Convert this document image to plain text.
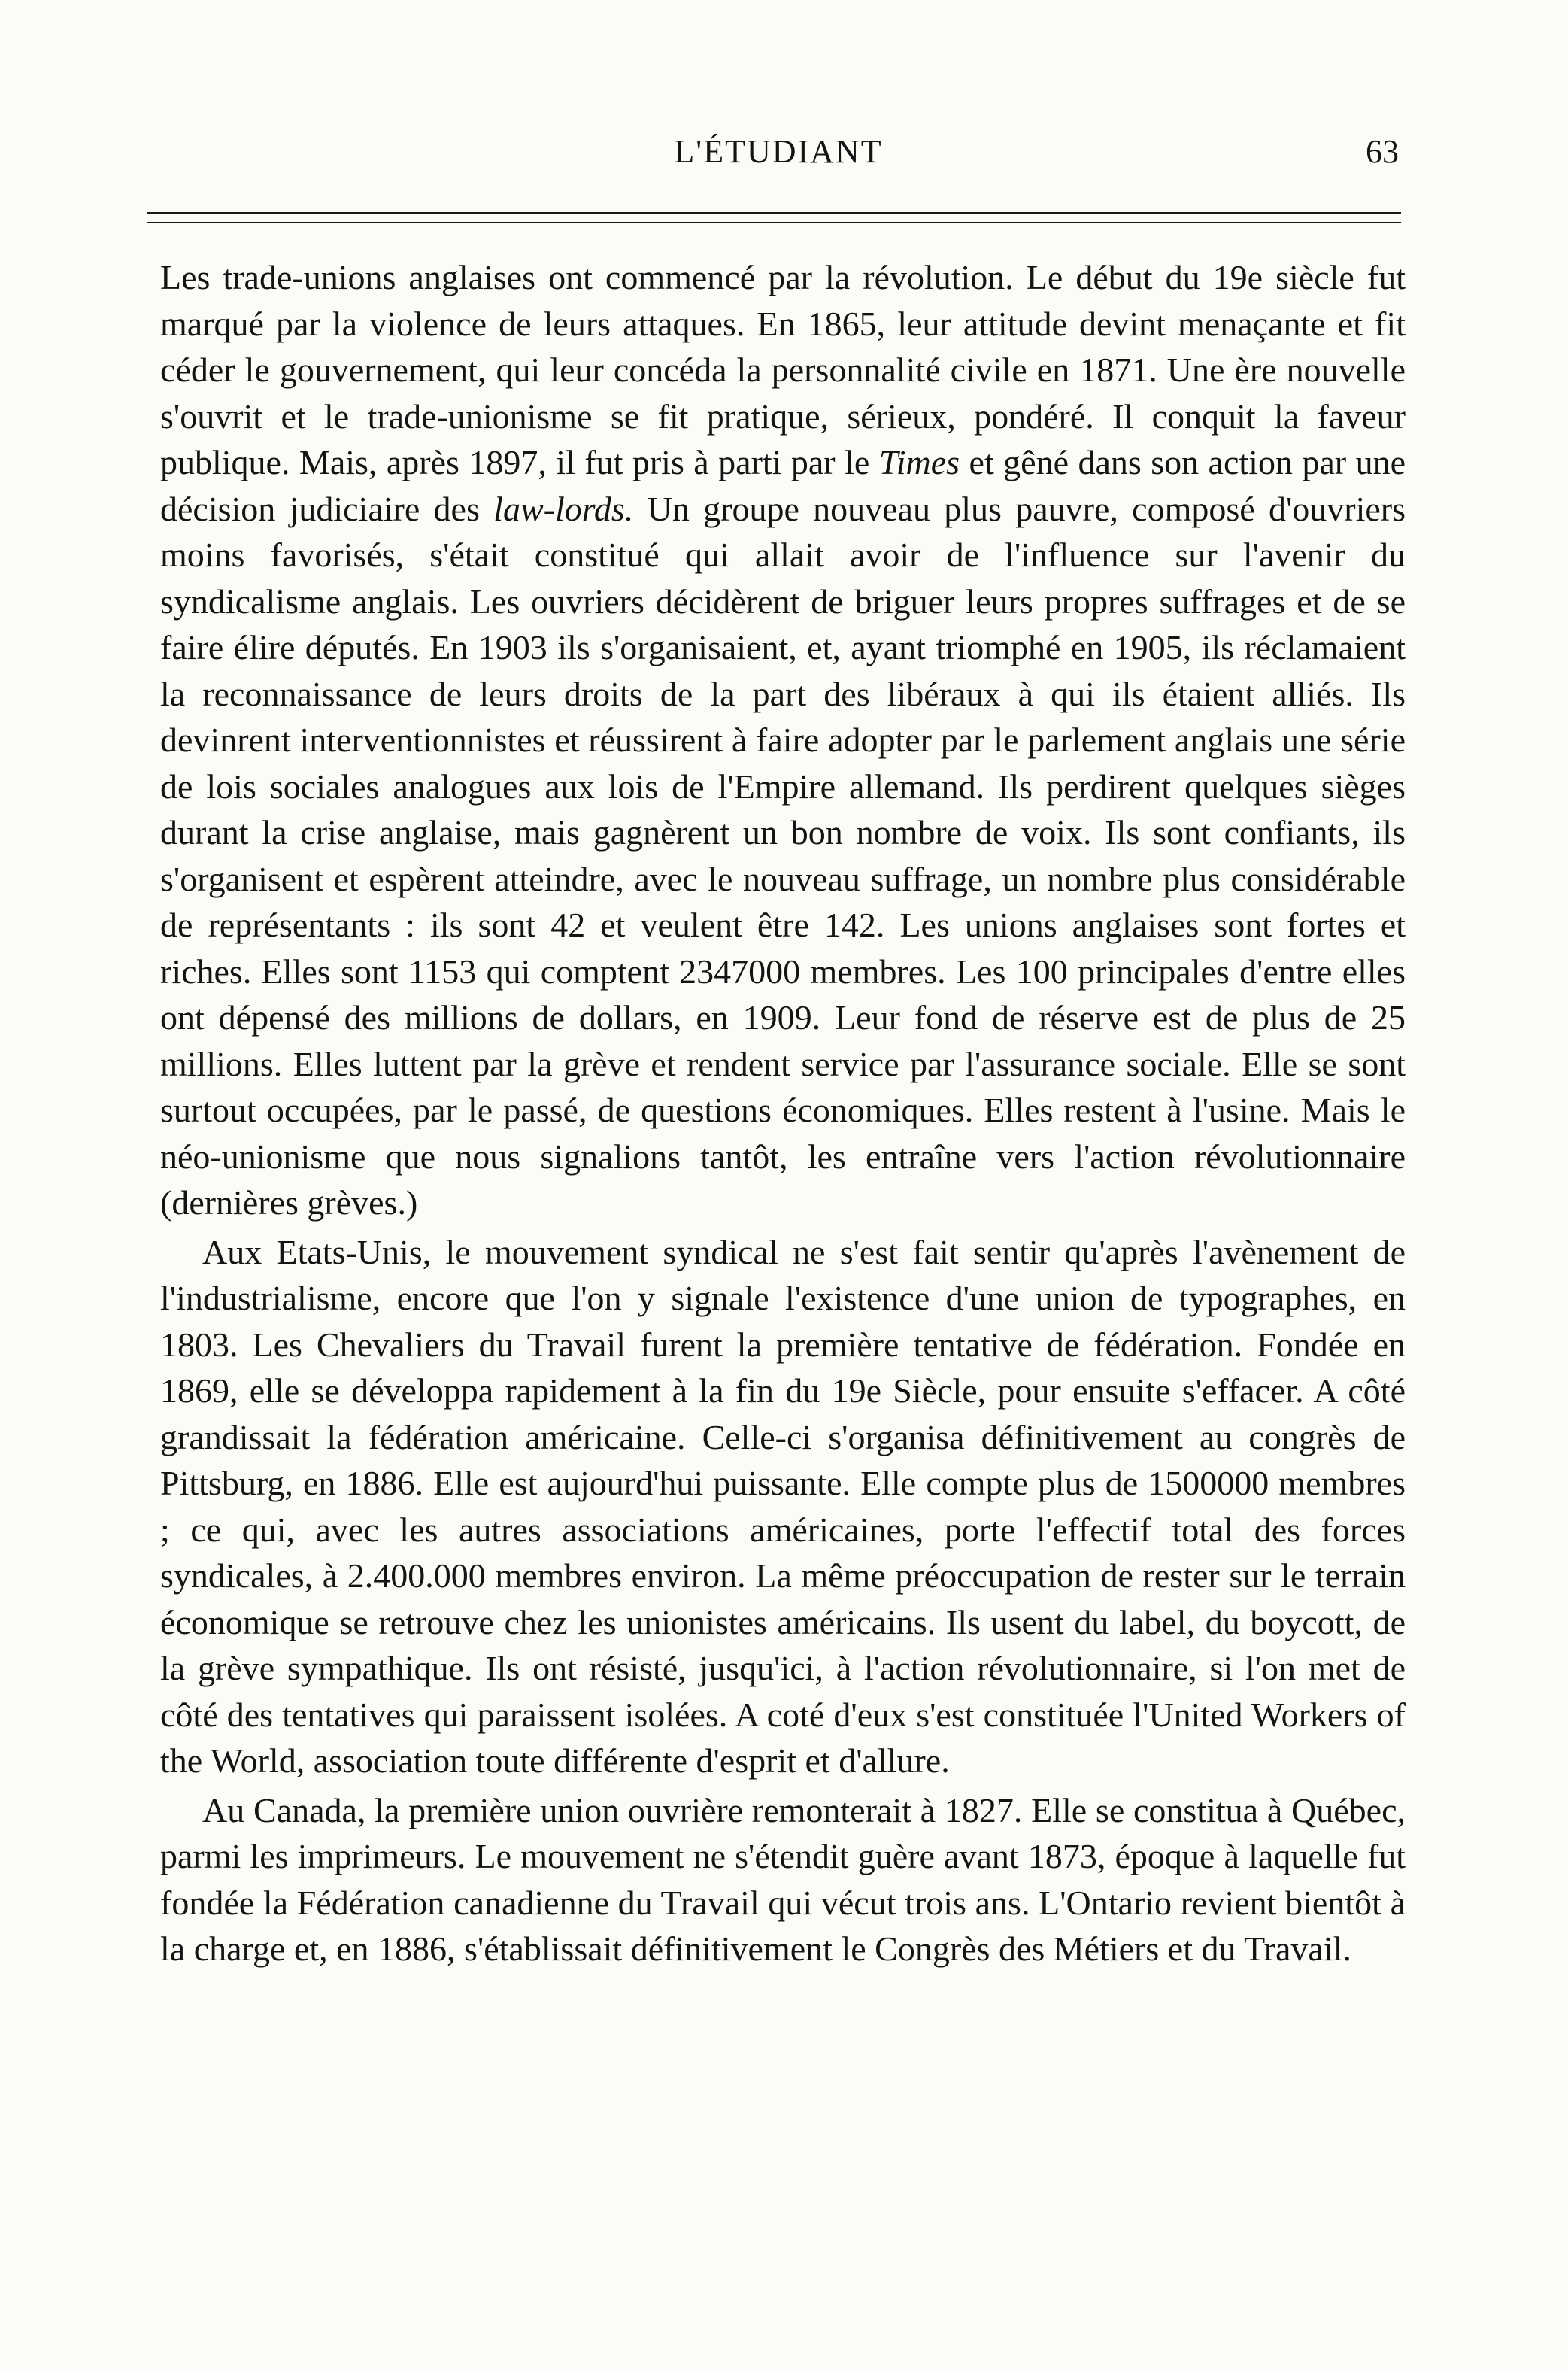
L'ÉTUDIANT	63

Les trade-unions anglaises ont commencé par la révolution. Le début du 19e siècle fut marqué par la violence de leurs attaques. En 1865, leur attitude devint menaçante et fit céder le gouvernement, qui leur concéda la personnalité civile en 1871. Une ère nouvelle s'ouvrit et le trade-unionisme se fit pratique, sérieux, pondéré. Il conquit la faveur publique. Mais, après 1897, il fut pris à parti par le Times et gêné dans son action par une décision judiciaire des law-lords. Un groupe nouveau plus pauvre, composé d'ouvriers moins favorisés, s'était constitué qui allait avoir de l'influence sur l'avenir du syndicalisme anglais. Les ouvriers décidèrent de briguer leurs propres suffrages et de se faire élire députés. En 1903 ils s'organisaient, et, ayant triomphé en 1905, ils réclamaient la reconnaissance de leurs droits de la part des libéraux à qui ils étaient alliés. Ils devinrent interventionnistes et réussirent à faire adopter par le parlement anglais une série de lois sociales analogues aux lois de l'Empire allemand. Ils perdirent quelques sièges durant la crise anglaise, mais gagnèrent un bon nombre de voix. Ils sont confiants, ils s'organisent et espèrent atteindre, avec le nouveau suffrage, un nombre plus considérable de représentants : ils sont 42 et veulent être 142. Les unions anglaises sont fortes et riches. Elles sont 1153 qui comptent 2347000 membres. Les 100 principales d'entre elles ont dépensé des millions de dollars, en 1909. Leur fond de réserve est de plus de 25 millions. Elles luttent par la grève et rendent service par l'assurance sociale. Elle se sont surtout occupées, par le passé, de questions économiques. Elles restent à l'usine. Mais le néo-unionisme que nous signalions tantôt, les entraîne vers l'action révolutionnaire (dernières grèves.)

Aux Etats-Unis, le mouvement syndical ne s'est fait sentir qu'après l'avènement de l'industrialisme, encore que l'on y signale l'existence d'une union de typographes, en 1803. Les Chevaliers du Travail furent la première tentative de fédération. Fondée en 1869, elle se développa rapidement à la fin du 19e Siècle, pour ensuite s'effacer. A côté grandissait la fédération américaine. Celle-ci s'organisa définitivement au congrès de Pittsburg, en 1886. Elle est aujourd'hui puissante. Elle compte plus de 1500000 membres ; ce qui, avec les autres associations américaines, porte l'effectif total des forces syndicales, à 2.400.000 membres environ. La même préoccupation de rester sur le terrain économique se retrouve chez les unionistes américains. Ils usent du label, du boycott, de la grève sympathique. Ils ont résisté, jusqu'ici, à l'action révolutionnaire, si l'on met de côté des tentatives qui paraissent isolées. A coté d'eux s'est constituée l'United Workers of the World, association toute différente d'esprit et d'allure.

Au Canada, la première union ouvrière remonterait à 1827. Elle se constitua à Québec, parmi les imprimeurs. Le mouvement ne s'étendit guère avant 1873, époque à laquelle fut fondée la Fédération canadienne du Travail qui vécut trois ans. L'Ontario revient bientôt à la charge et, en 1886, s'établissait définitivement le Congrès des Métiers et du Travail.
